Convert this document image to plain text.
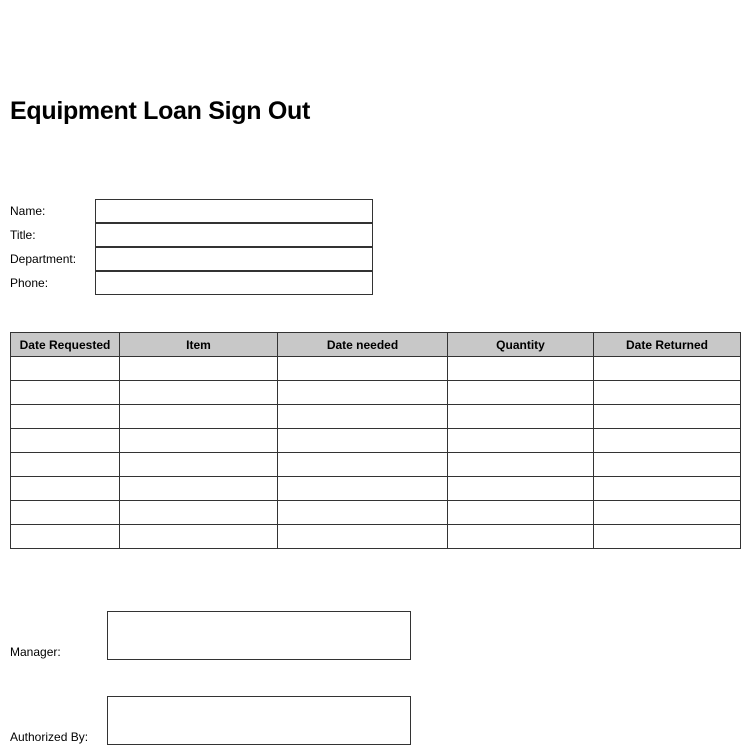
Equipment Loan Sign Out
Name:
Title:
Department:
Phone:
Date Requested	Item	Date needed	Quantity	Date Returned

Manager:
Authorized By:
